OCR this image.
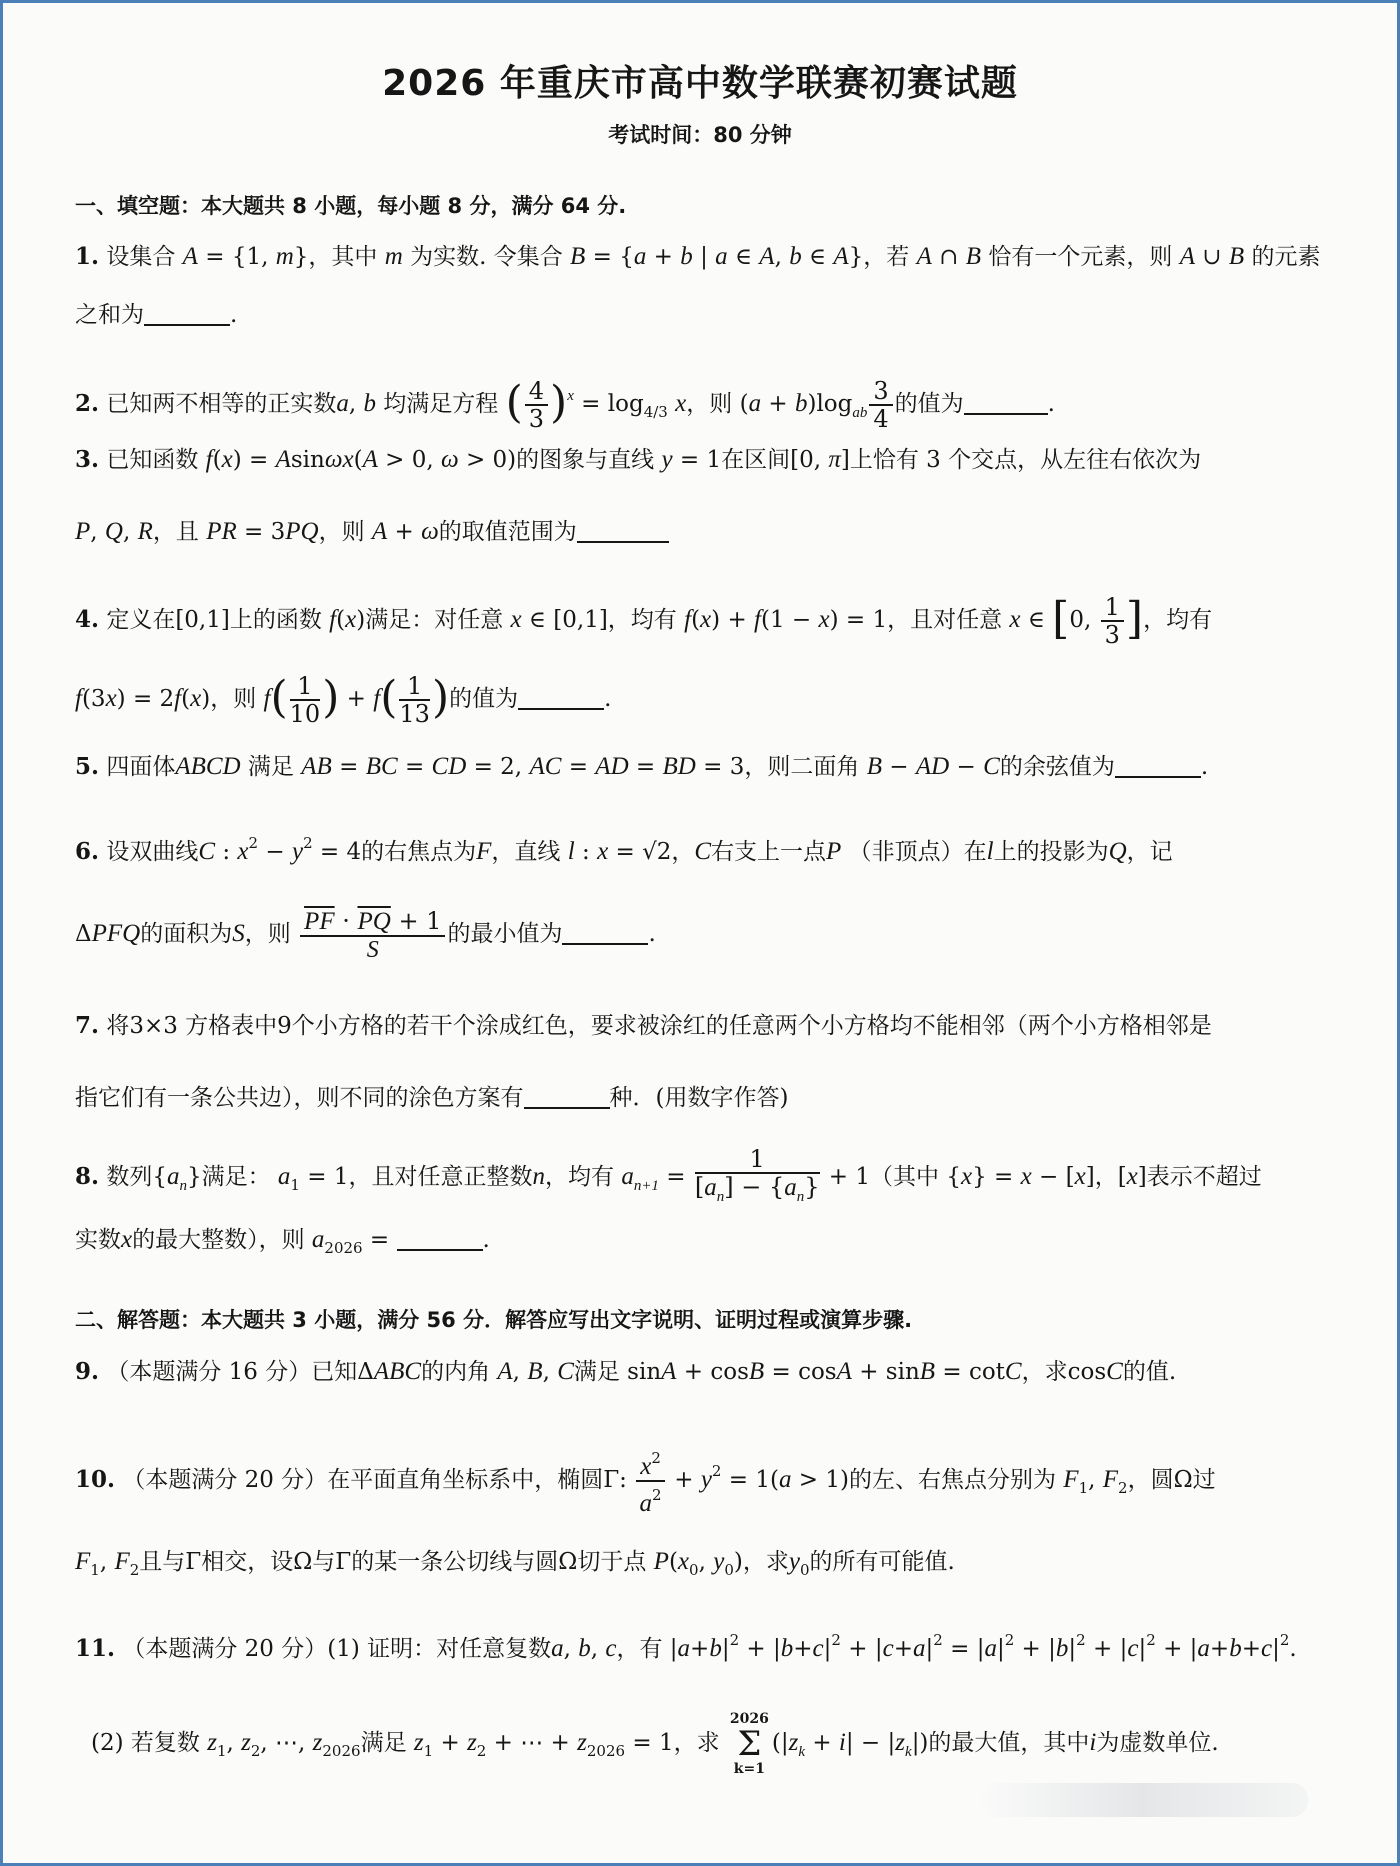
2026 年重庆市高中数学联赛初赛试题
考试时间：80 分钟
一、填空题：本大题共 8 小题，每小题 8 分，满分 64 分.
1. 设集合 A = {1, m}，其中 m 为实数. 令集合 B = {a + b | a ∈ A, b ∈ A}，若 A ∩ B 恰有一个元素，则 A ∪ B 的元素
之和为	.
2. 已知两不相等的正实数a, b 均满足方程 ( $\frac{4}{3} )^x = \log_{4/3} x$，则 $(a + b)\log_{ab} \frac{3}{4}$ 的值为	.
3. 已知函数 f(x) = Asinωx(A > 0, ω > 0)的图象与直线 y = 1在区间[0, π]上恰有 3 个交点，从左往右依次为
P, Q, R，且 PR = 3PQ，则 A + ω的取值范围为
4. 定义在[0,1]上的函数 f(x)满足：对任意 x ∈ [0,1]，均有 f(x) + f(1 − x) = 1，且对任意 x ∈ [0, $\frac{1}{3}$ ]，均有
f(3x) = 2f(x)，则 $f( \frac{1}{10}$ ) + $f( \frac{1}{13}$ )的值为	.
5. 四面体ABCD 满足 AB = BC = CD = 2, AC = AD = BD = 3，则二面角 B − AD − C的余弦值为	.
6. 设双曲线C : $x^2 - y^2 = 4$的右焦点为F，直线 l : x = √2，C右支上一点P （非顶点）在l上的投影为Q，记
ΔPFQ的面积为S，则 $\frac{\overline{PF} \cdot \overline{PQ} + 1}{S}$ 的最小值为	.
7. 将3×3 方格表中9个小方格的若干个涂成红色，要求被涂红的任意两个小方格均不能相邻（两个小方格相邻是
指它们有一条公共边），则不同的涂色方案有	种．(用数字作答)
8. 数列$\{a_n\}$满足： $a_1 = 1$，且对任意正整数n，均有 $a_{n+1} = \frac{1}{[a_n] - \{a_n\}} + 1$（其中 {x} = x − [x]，[x]表示不超过
实数x的最大整数），则 $a_{2026}$ =	.
二、解答题：本大题共 3 小题，满分 56 分．解答应写出文字说明、证明过程或演算步骤.
9. （本题满分 16 分）已知ΔABC的内角 A, B, C满足 sinA + cosB = cosA + sinB = cotC，求cosC的值.
10. （本题满分 20 分）在平面直角坐标系中，椭圆Γ: $\frac{x^2}{a^2} + y^2 = 1(a > 1)$的左、右焦点分别为 $F_1$, $F_2$，圆Ω过
$F_1$, $F_2$且与Γ相交，设Ω与Γ的某一条公切线与圆Ω切于点 $P(x_0$, $y_0$)，求$y_0$的所有可能值.
11. （本题满分 20 分）(1) 证明：对任意复数a, b, c，有 $|a+b|^2 + |b+c|^2 + |c+a|^2 = |a|^2 + |b|^2 + |c|^2 + |a+b+c|^2$.
(2) 若复数 $z_1$, $z_2$, ⋯, $z_{2026}$满足 $z_1 + z_2$ + ⋯ + $z_{2026} = 1$，求
2026
Σ
k=1
$(|z_k + i| - |z_k|)$的最大值，其中i为虚数单位.
